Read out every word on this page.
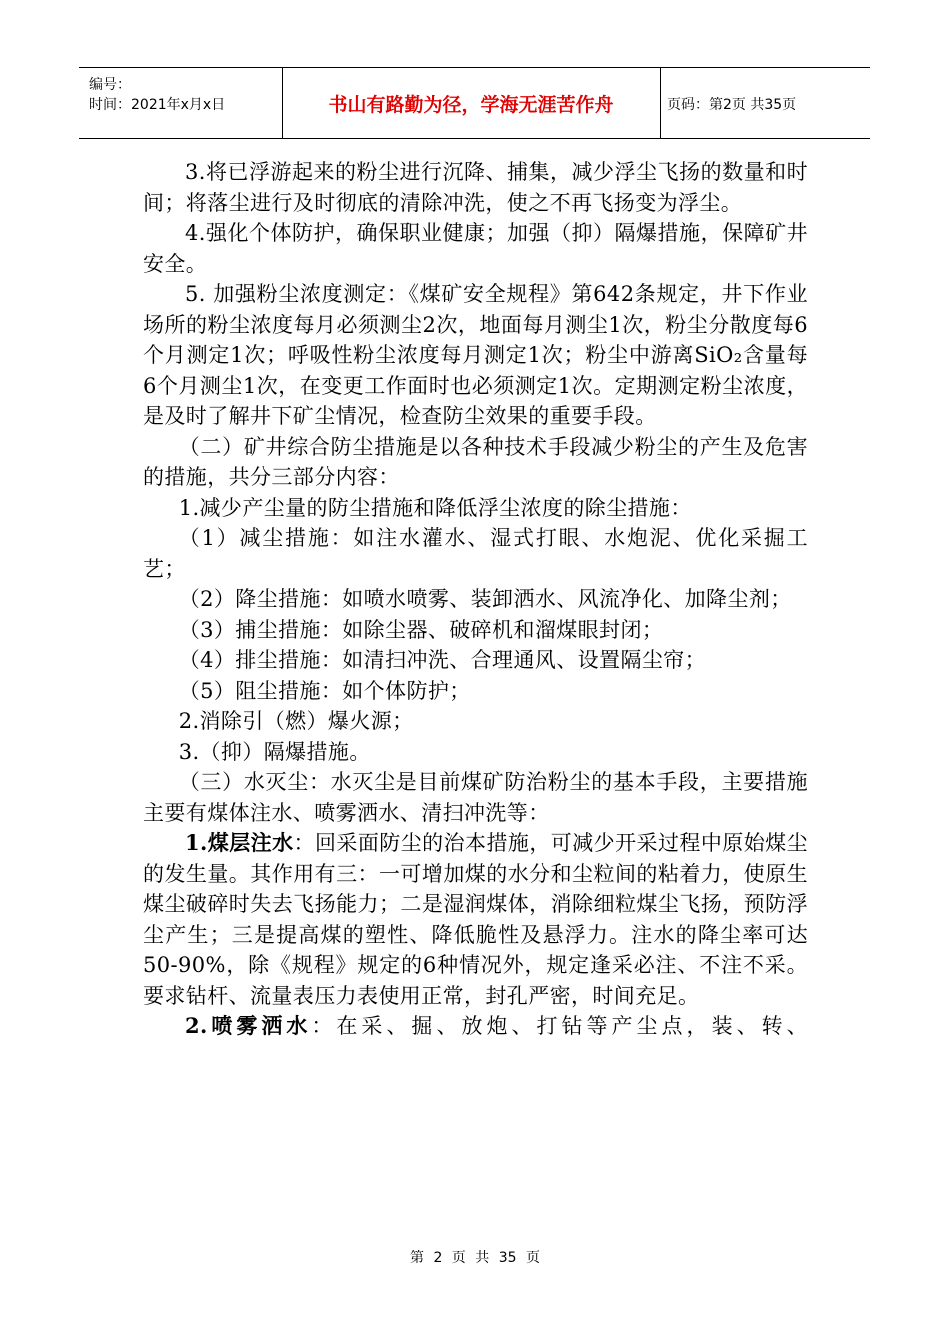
编号：
时间：2021年x月x日	书山有路勤为径，学海无涯苦作舟	页码：第2页 共35页

3.将已浮游起来的粉尘进行沉降、捕集，减少浮尘飞扬的数量和时间；将落尘进行及时彻底的清除冲洗，使之不再飞扬变为浮尘。

4.强化个体防护，确保职业健康；加强（抑）隔爆措施，保障矿井安全。

5. 加强粉尘浓度测定：《煤矿安全规程》第642条规定，井下作业场所的粉尘浓度每月必须测尘2次，地面每月测尘1次，粉尘分散度每6个月测定1次；呼吸性粉尘浓度每月测定1次；粉尘中游离SiO₂含量每6个月测尘1次，在变更工作面时也必须测定1次。定期测定粉尘浓度，是及时了解井下矿尘情况，检查防尘效果的重要手段。

（二）矿井综合防尘措施是以各种技术手段减少粉尘的产生及危害的措施，共分三部分内容：

1.减少产尘量的防尘措施和降低浮尘浓度的除尘措施：

（1）减尘措施：如注水灌水、湿式打眼、水炮泥、优化采掘工艺；

（2）降尘措施：如喷水喷雾、装卸洒水、风流净化、加降尘剂；

（3）捕尘措施：如除尘器、破碎机和溜煤眼封闭；

（4）排尘措施：如清扫冲洗、合理通风、设置隔尘帘；

（5）阻尘措施：如个体防护；

2.消除引（燃）爆火源；

3.（抑）隔爆措施。

（三）水灭尘：水灭尘是目前煤矿防治粉尘的基本手段，主要措施主要有煤体注水、喷雾洒水、清扫冲洗等：

1.煤层注水：回采面防尘的治本措施，可减少开采过程中原始煤尘的发生量。其作用有三：一可增加煤的水分和尘粒间的粘着力，使原生煤尘破碎时失去飞扬能力；二是湿润煤体，消除细粒煤尘飞扬，预防浮尘产生；三是提高煤的塑性、降低脆性及悬浮力。注水的降尘率可达50-90%，除《规程》规定的6种情况外，规定逢采必注、不注不采。要求钻杆、流量表压力表使用正常，封孔严密，时间充足。

2.喷雾洒水：在采、掘、放炮、打钻等产尘点，装、转、

第 2 页 共 35 页
